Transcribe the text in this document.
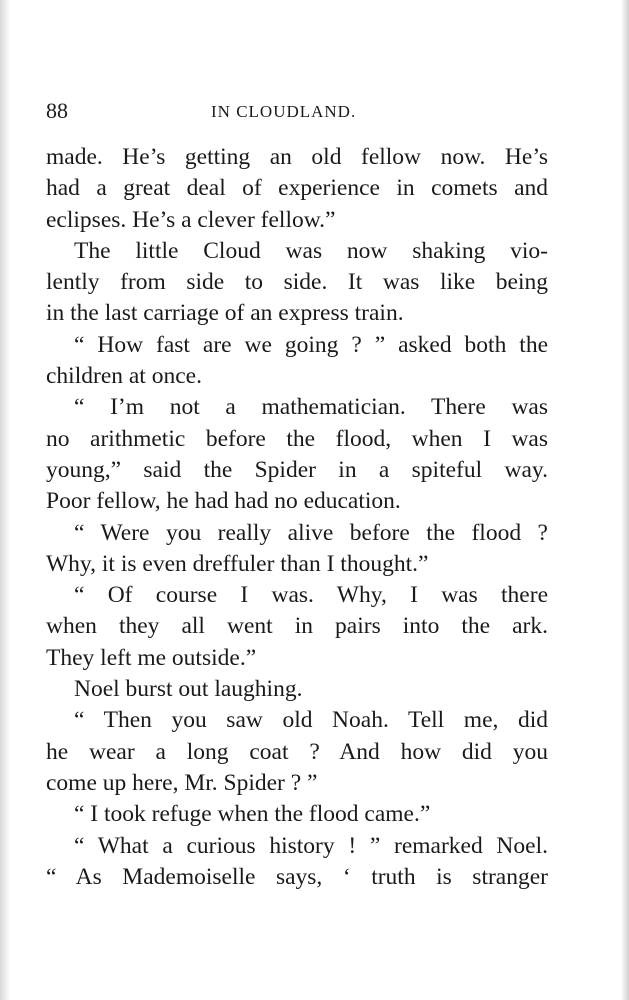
88	IN CLOUDLAND.
made. He’s getting an old fellow now. He’s
had a great deal of experience in comets and
eclipses. He’s a clever fellow.”
The little Cloud was now shaking vio-
lently from side to side. It was like being
in the last carriage of an express train.
“ How fast are we going ? ” asked both the
children at once.
“ I’m not a mathematician. There was
no arithmetic before the flood, when I was
young,” said the Spider in a spiteful way.
Poor fellow, he had had no education.
“ Were you really alive before the flood ?
Why, it is even dreffuler than I thought.”
“ Of course I was. Why, I was there
when they all went in pairs into the ark.
They left me outside.”
Noel burst out laughing.
“ Then you saw old Noah. Tell me, did
he wear a long coat ? And how did you
come up here, Mr. Spider ? ”
“ I took refuge when the flood came.”
“ What a curious history ! ” remarked Noel.
“ As Mademoiselle says, ‘ truth is stranger
